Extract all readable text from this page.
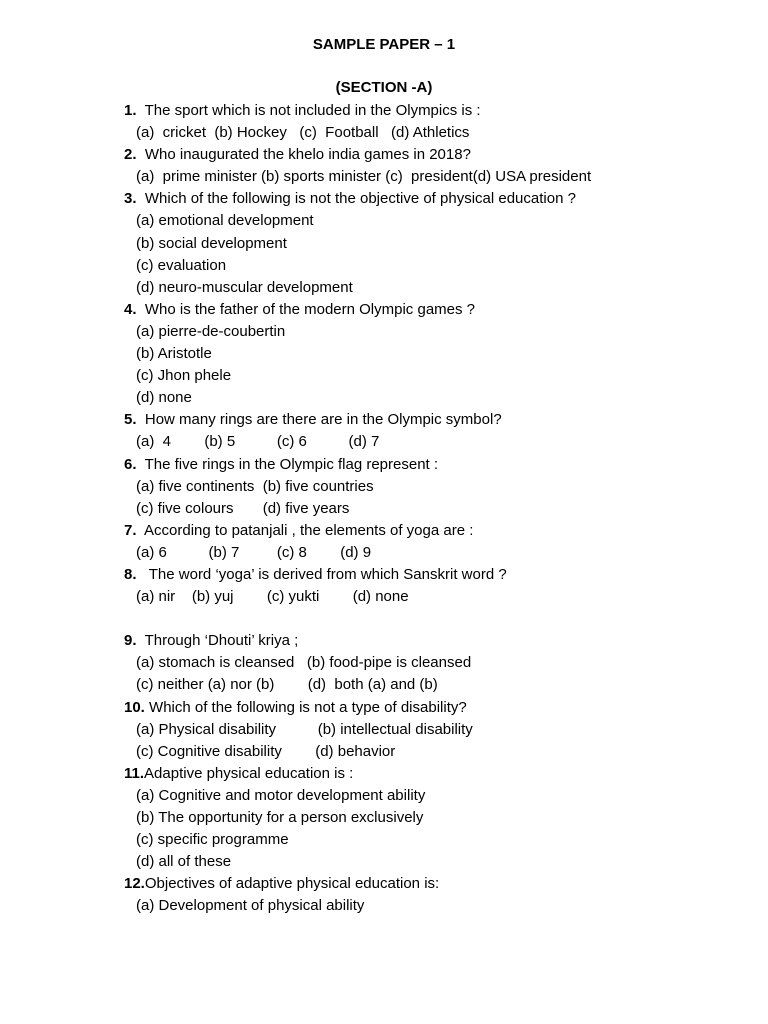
SAMPLE PAPER – 1
(SECTION -A)
1. The sport which is not included in the Olympics is :
(a)  cricket  (b) Hockey   (c)  Football   (d) Athletics
2. Who inaugurated the khelo india games in 2018?
(a)  prime minister (b) sports minister (c)  president(d) USA president
3. Which of the following is not the objective of physical education ?
(a) emotional development
(b) social development
(c) evaluation
(d) neuro-muscular development
4. Who is the father of the modern Olympic games ?
(a) pierre-de-coubertin
(b) Aristotle
(c) Jhon phele
(d) none
5. How many rings are there are in the Olympic symbol?
(a)  4        (b) 5          (c) 6          (d) 7
6. The five rings in the Olympic flag represent :
(a) five continents  (b) five countries
(c) five colours       (d) five years
7. According to patanjali , the elements of yoga are :
(a) 6          (b) 7         (c) 8        (d) 9
8. The word ‘yoga’ is derived from which Sanskrit word ?
(a) nir    (b) yuj        (c) yukti        (d) none
9. Through ‘Dhouti’ kriya ;
(a) stomach is cleansed   (b) food-pipe is cleansed
(c) neither (a) nor (b)        (d)  both (a) and (b)
10. Which of the following is not a type of disability?
(a) Physical disability          (b) intellectual disability
(c) Cognitive disability        (d) behavior
11.Adaptive physical education is :
(a) Cognitive and motor development ability
(b) The opportunity for a person exclusively
(c) specific programme
(d) all of these
12.Objectives of adaptive physical education is:
(a) Development of physical ability
